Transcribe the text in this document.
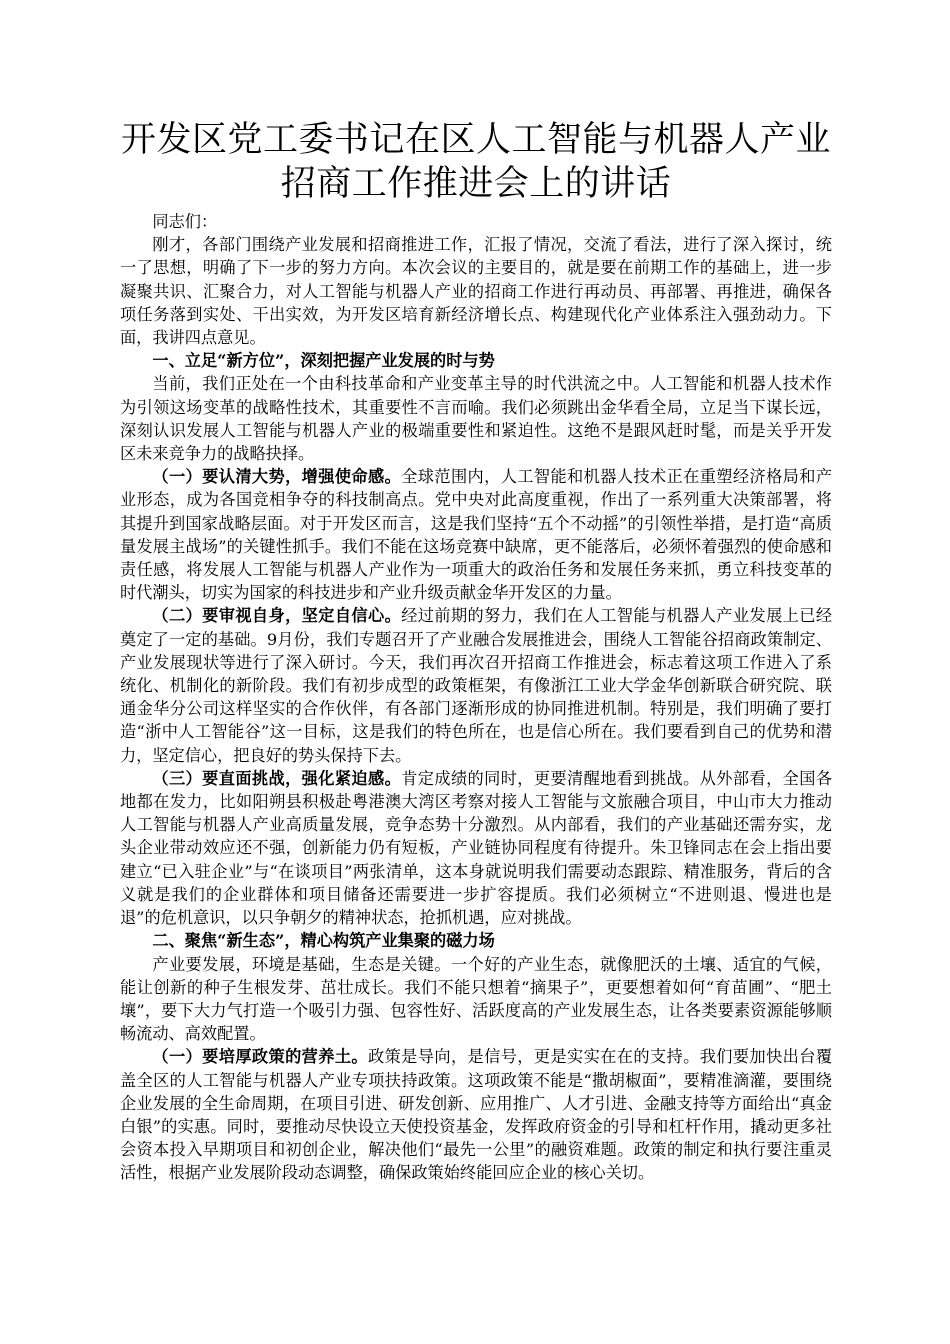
开发区党工委书记在区人工智能与机器人产业
招商工作推进会上的讲话

同志们：

刚才，各部门围绕产业发展和招商推进工作，汇报了情况，交流了看法，进行了深入探讨，统一了思想，明确了下一步的努力方向。本次会议的主要目的，就是要在前期工作的基础上，进一步凝聚共识、汇聚合力，对人工智能与机器人产业的招商工作进行再动员、再部署、再推进，确保各项任务落到实处、干出实效，为开发区培育新经济增长点、构建现代化产业体系注入强劲动力。下面，我讲四点意见。

一、立足“新方位”，深刻把握产业发展的时与势

当前，我们正处在一个由科技革命和产业变革主导的时代洪流之中。人工智能和机器人技术作为引领这场变革的战略性技术，其重要性不言而喻。我们必须跳出金华看全局，立足当下谋长远，深刻认识发展人工智能与机器人产业的极端重要性和紧迫性。这绝不是跟风赶时髦，而是关乎开发区未来竞争力的战略抉择。

（一）要认清大势，增强使命感。全球范围内，人工智能和机器人技术正在重塑经济格局和产业形态，成为各国竞相争夺的科技制高点。党中央对此高度重视，作出了一系列重大决策部署，将其提升到国家战略层面。对于开发区而言，这是我们坚持“五个不动摇”的引领性举措，是打造“高质量发展主战场”的关键性抓手。我们不能在这场竞赛中缺席，更不能落后，必须怀着强烈的使命感和责任感，将发展人工智能与机器人产业作为一项重大的政治任务和发展任务来抓，勇立科技变革的时代潮头，切实为国家的科技进步和产业升级贡献金华开发区的力量。

（二）要审视自身，坚定自信心。经过前期的努力，我们在人工智能与机器人产业发展上已经奠定了一定的基础。9月份，我们专题召开了产业融合发展推进会，围绕人工智能谷招商政策制定、产业发展现状等进行了深入研讨。今天，我们再次召开招商工作推进会，标志着这项工作进入了系统化、机制化的新阶段。我们有初步成型的政策框架，有像浙江工业大学金华创新联合研究院、联通金华分公司这样坚实的合作伙伴，有各部门逐渐形成的协同推进机制。特别是，我们明确了要打造“浙中人工智能谷”这一目标，这是我们的特色所在，也是信心所在。我们要看到自己的优势和潜力，坚定信心，把良好的势头保持下去。

（三）要直面挑战，强化紧迫感。肯定成绩的同时，更要清醒地看到挑战。从外部看，全国各地都在发力，比如阳朔县积极赴粤港澳大湾区考察对接人工智能与文旅融合项目，中山市大力推动人工智能与机器人产业高质量发展，竞争态势十分激烈。从内部看，我们的产业基础还需夯实，龙头企业带动效应还不强，创新能力仍有短板，产业链协同程度有待提升。朱卫锋同志在会上指出要建立“已入驻企业”与“在谈项目”两张清单，这本身就说明我们需要动态跟踪、精准服务，背后的含义就是我们的企业群体和项目储备还需要进一步扩容提质。我们必须树立“不进则退、慢进也是退”的危机意识，以只争朝夕的精神状态，抢抓机遇，应对挑战。

二、聚焦“新生态”，精心构筑产业集聚的磁力场

产业要发展，环境是基础，生态是关键。一个好的产业生态，就像肥沃的土壤、适宜的气候，能让创新的种子生根发芽、茁壮成长。我们不能只想着“摘果子”，更要想着如何“育苗圃”、“肥土壤”，要下大力气打造一个吸引力强、包容性好、活跃度高的产业发展生态，让各类要素资源能够顺畅流动、高效配置。

（一）要培厚政策的营养土。政策是导向，是信号，更是实实在在的支持。我们要加快出台覆盖全区的人工智能与机器人产业专项扶持政策。这项政策不能是“撒胡椒面”，要精准滴灌，要围绕企业发展的全生命周期，在项目引进、研发创新、应用推广、人才引进、金融支持等方面给出“真金白银”的实惠。同时，要推动尽快设立天使投资基金，发挥政府资金的引导和杠杆作用，撬动更多社会资本投入早期项目和初创企业，解决他们“最先一公里”的融资难题。政策的制定和执行要注重灵活性，根据产业发展阶段动态调整，确保政策始终能回应企业的核心关切。
